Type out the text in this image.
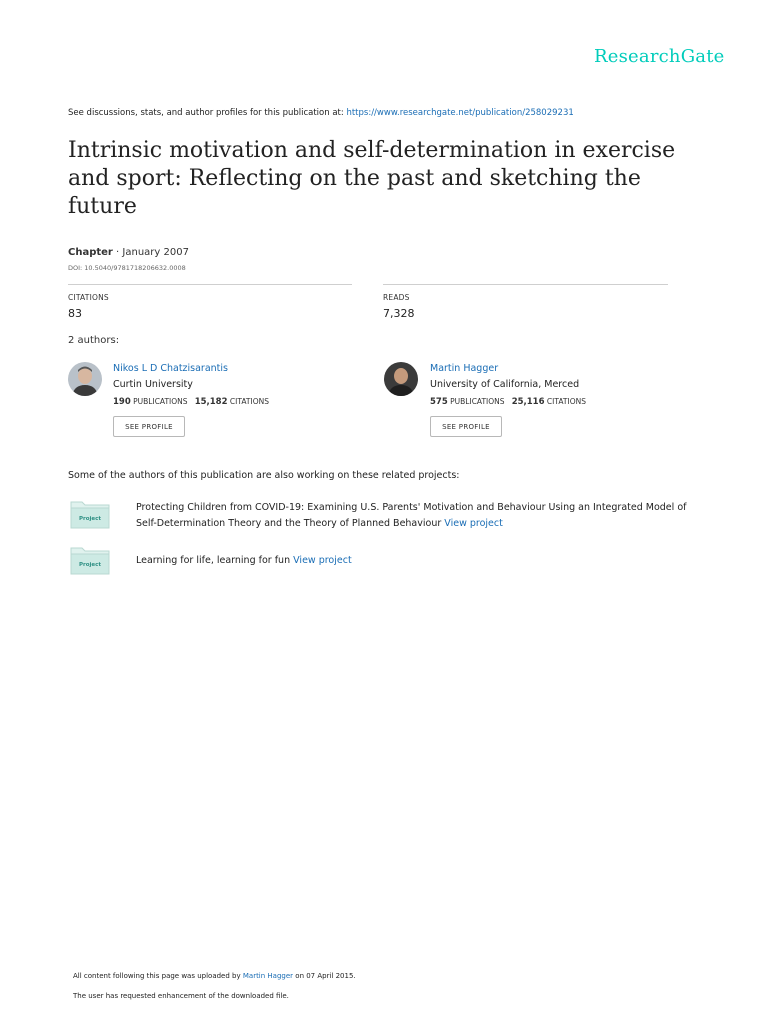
ResearchGate
See discussions, stats, and author profiles for this publication at: https://www.researchgate.net/publication/258029231
Intrinsic motivation and self-determination in exercise and sport: Reflecting on the past and sketching the future
Chapter · January 2007
DOI: 10.5040/9781718206632.0008
CITATIONS
83
READS
7,328
2 authors:
Nikos L D Chatzisarantis
Curtin University
190 PUBLICATIONS 15,182 CITATIONS
SEE PROFILE
Martin Hagger
University of California, Merced
575 PUBLICATIONS 25,116 CITATIONS
SEE PROFILE
Some of the authors of this publication are also working on these related projects:
Project
Protecting Children from COVID-19: Examining U.S. Parents' Motivation and Behaviour Using an Integrated Model of Self-Determination Theory and the Theory of Planned Behaviour View project
Project	Learning for life, learning for fun View project
All content following this page was uploaded by Martin Hagger on 07 April 2015.
The user has requested enhancement of the downloaded file.
